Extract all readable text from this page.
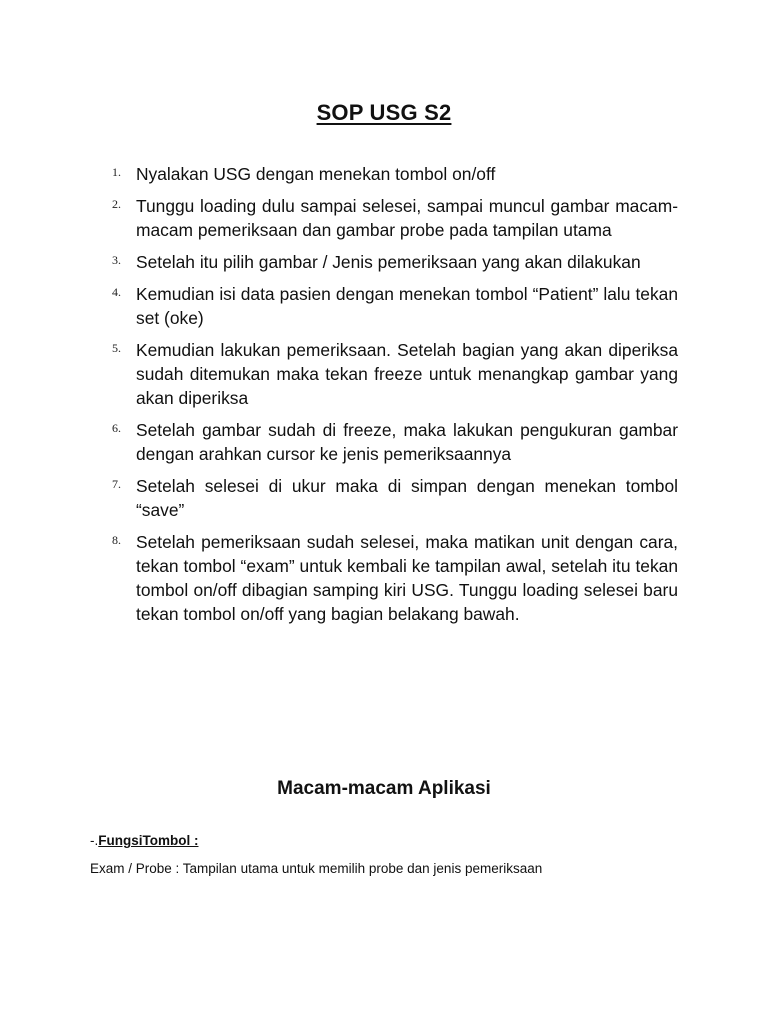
SOP USG S2
1. Nyalakan USG dengan menekan tombol on/off
2. Tunggu loading dulu sampai selesei, sampai muncul gambar macam-macam pemeriksaan dan gambar probe pada tampilan utama
3. Setelah itu pilih gambar / Jenis pemeriksaan yang akan dilakukan
4. Kemudian isi data pasien dengan menekan tombol “Patient” lalu tekan set (oke)
5. Kemudian lakukan pemeriksaan. Setelah bagian yang akan diperiksa sudah ditemukan maka tekan freeze untuk menangkap gambar yang akan diperiksa
6. Setelah gambar sudah di freeze, maka lakukan pengukuran gambar dengan arahkan cursor ke jenis pemeriksaannya
7. Setelah selesei di ukur maka di simpan dengan menekan tombol “save”
8. Setelah pemeriksaan sudah selesei, maka matikan unit dengan cara, tekan tombol “exam” untuk kembali ke tampilan awal, setelah itu tekan tombol on/off dibagian samping kiri USG. Tunggu loading selesei baru tekan tombol on/off yang bagian belakang bawah.
Macam-macam Aplikasi
-.FungsiTombol :
Exam / Probe : Tampilan utama untuk memilih probe dan jenis pemeriksaan
